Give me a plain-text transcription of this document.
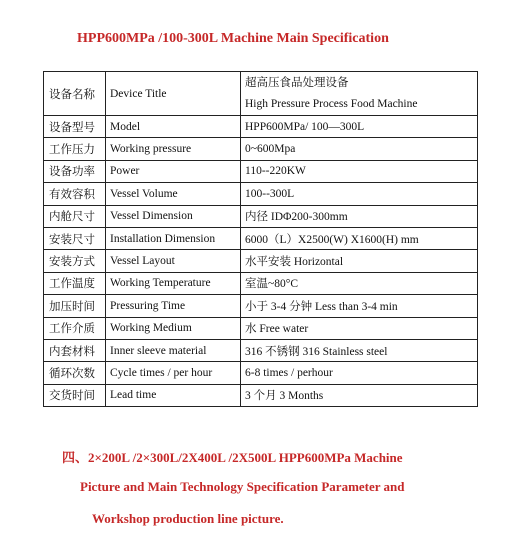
HPP600MPa /100-300L Machine Main Specification
设备名称	Device Title	超高压食品处理设备
High Pressure Process Food Machine

设备型号	Model	HPP600MPa/ 100—300L
工作压力	Working pressure	0~600Mpa
设备功率	Power	110--220KW
有效容积	Vessel Volume	100--300L
内舱尺寸	Vessel Dimension	内径 IDΦ200-300mm
安装尺寸	Installation Dimension	6000（L）X2500(W) X1600(H) mm
安装方式	Vessel Layout	水平安装 Horizontal
工作温度	Working Temperature	室温~80°C
加压时间	Pressuring Time	小于 3-4 分钟 Less than 3-4 min
工作介质	Working Medium	水 Free water
内套材料	Inner sleeve material	316 不锈钢 316 Stainless steel
循环次数	Cycle times / per hour	6-8 times / perhour
交货时间	Lead time	3 个月 3 Months
四、2×200L /2×300L/2X400L /2X500L HPP600MPa Machine
Picture and Main Technology Specification Parameter and
Workshop production line picture.
